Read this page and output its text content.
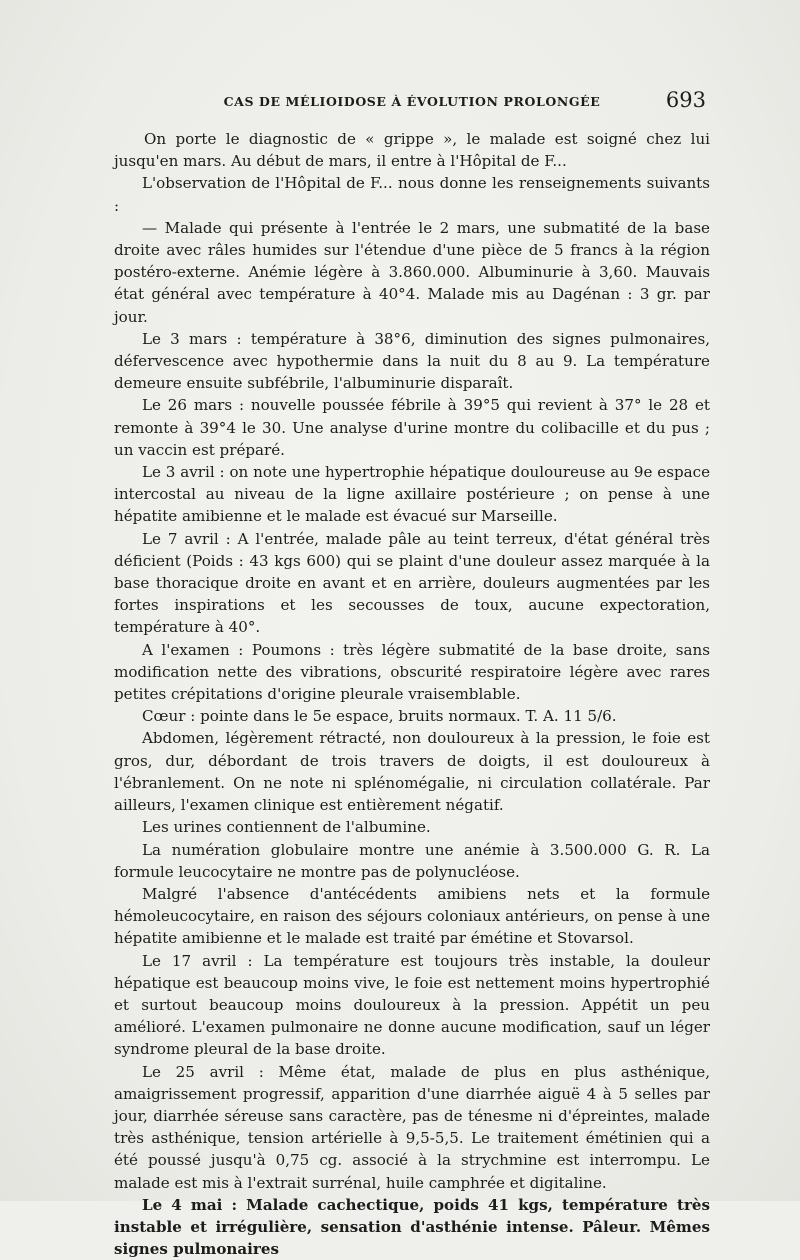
CAS DE MÉLIOIDOSE À ÉVOLUTION PROLONGÉE	693

On porte le diagnostic de « grippe », le malade est soigné chez lui jusqu'en mars. Au début de mars, il entre à l'Hôpital de F...

L'observation de l'Hôpital de F... nous donne les renseignements suivants :

— Malade qui présente à l'entrée le 2 mars, une submatité de la base droite avec râles humides sur l'étendue d'une pièce de 5 francs à la région postéro-externe. Anémie légère à 3.860.000. Albuminurie à 3,60. Mauvais état général avec température à 40°4. Malade mis au Dagénan : 3 gr. par jour.

Le 3 mars : température à 38°6, diminution des signes pulmonaires, défervescence avec hypothermie dans la nuit du 8 au 9. La température demeure ensuite subfébrile, l'albuminurie disparaît.

Le 26 mars : nouvelle poussée fébrile à 39°5 qui revient à 37° le 28 et remonte à 39°4 le 30. Une analyse d'urine montre du colibacille et du pus ; un vaccin est préparé.

Le 3 avril : on note une hypertrophie hépatique douloureuse au 9e espace intercostal au niveau de la ligne axillaire postérieure ; on pense à une hépatite amibienne et le malade est évacué sur Marseille.

Le 7 avril : A l'entrée, malade pâle au teint terreux, d'état général très déficient (Poids : 43 kgs 600) qui se plaint d'une douleur assez marquée à la base thoracique droite en avant et en arrière, douleurs augmentées par les fortes inspirations et les secousses de toux, aucune expectoration, température à 40°.

A l'examen : Poumons : très légère submatité de la base droite, sans modification nette des vibrations, obscurité respiratoire légère avec rares petites crépitations d'origine pleurale vraisemblable.

Cœur : pointe dans le 5e espace, bruits normaux. T. A. 11 5/6.

Abdomen, légèrement rétracté, non douloureux à la pression, le foie est gros, dur, débordant de trois travers de doigts, il est douloureux à l'ébranlement. On ne note ni splénomégalie, ni circulation collatérale. Par ailleurs, l'examen clinique est entièrement négatif.

Les urines contiennent de l'albumine.

La numération globulaire montre une anémie à 3.500.000 G. R. La formule leucocytaire ne montre pas de polynucléose.

Malgré l'absence d'antécédents amibiens nets et la formule hémoleucocytaire, en raison des séjours coloniaux antérieurs, on pense à une hépatite amibienne et le malade est traité par émétine et Stovarsol.

Le 17 avril : La température est toujours très instable, la douleur hépatique est beaucoup moins vive, le foie est nettement moins hypertrophié et surtout beaucoup moins douloureux à la pression. Appétit un peu amélioré. L'examen pulmonaire ne donne aucune modification, sauf un léger syndrome pleural de la base droite.

Le 25 avril : Même état, malade de plus en plus asthénique, amaigrissement progressif, apparition d'une diarrhée aiguë 4 à 5 selles par jour, diarrhée séreuse sans caractère, pas de ténesme ni d'épreintes, malade très asthénique, tension artérielle à 9,5-5,5. Le traitement émétinien qui a été poussé jusqu'à 0,75 cg. associé à la strychmine est interrompu. Le malade est mis à l'extrait surrénal, huile camphrée et digitaline.

Le 4 mai : Malade cachectique, poids 41 kgs, température très instable et irrégulière, sensation d'asthénie intense. Pâleur. Mêmes signes pulmonaires
